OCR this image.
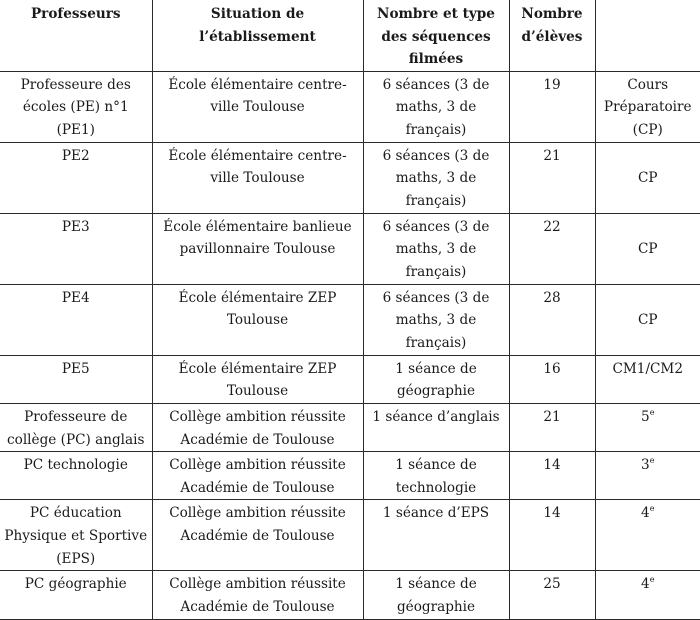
Professeurs	Situation de l’établissement	Nombre et type des séquences filmées	Nombre d’élèves	
Professeure des écoles (PE) n°1 (PE1)	École élémentaire centre-ville Toulouse	6 séances (3 de maths, 3 de français)	19	Cours Préparatoire (CP)
PE2	École élémentaire centre-ville Toulouse	6 séances (3 de maths, 3 de français)	21	CP
PE3	École élémentaire banlieue pavillonnaire Toulouse	6 séances (3 de maths, 3 de français)	22	CP
PE4	École élémentaire ZEP Toulouse	6 séances (3 de maths, 3 de français)	28	CP
PE5	École élémentaire ZEP Toulouse	1 séance de géographie	16	CM1/CM2
Professeure de collège (PC) anglais	Collège ambition réussite Académie de Toulouse	1 séance d’anglais	21	5e
PC technologie	Collège ambition réussite Académie de Toulouse	1 séance de technologie	14	3e
PC éducation Physique et Sportive (EPS)	Collège ambition réussite Académie de Toulouse	1 séance d’EPS	14	4e
PC géographie	Collège ambition réussite Académie de Toulouse	1 séance de géographie	25	4e
